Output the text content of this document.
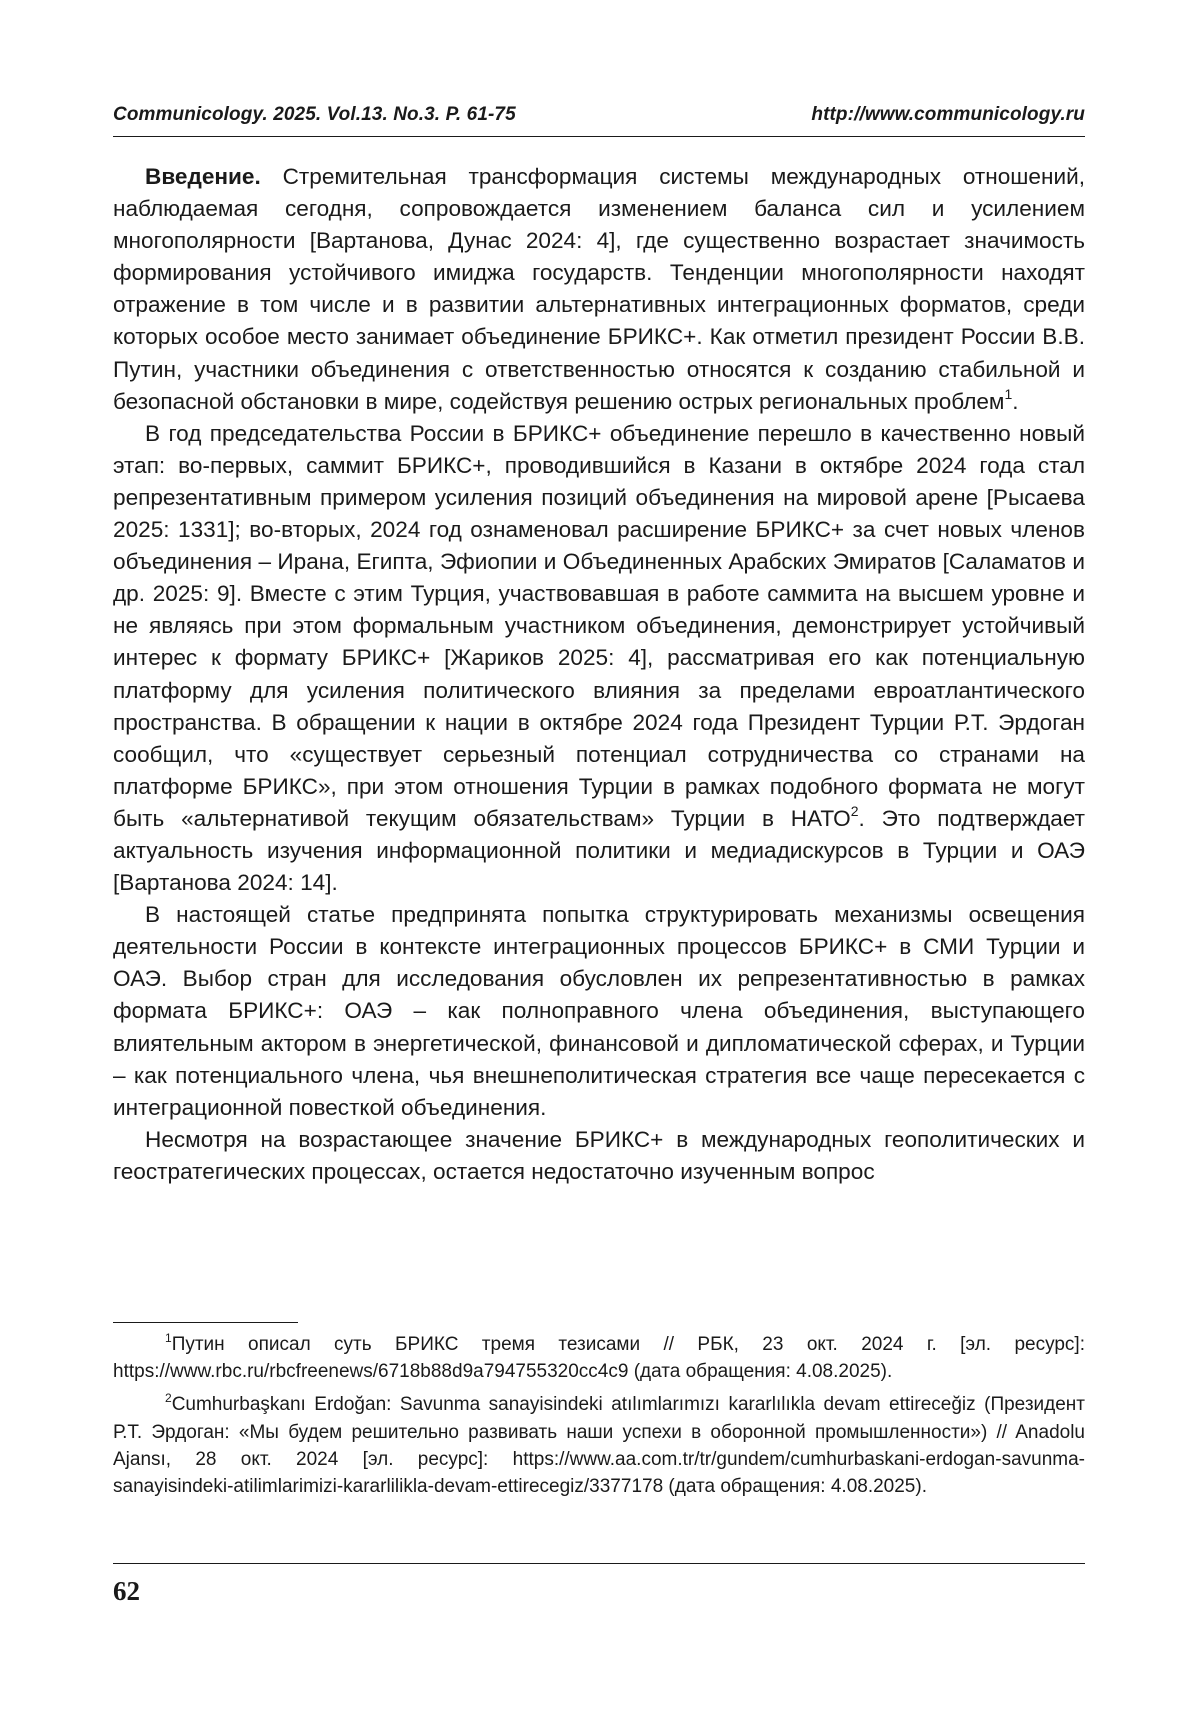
Communicology. 2025. Vol.13. No.3. P. 61-75	http://www.communicology.ru

Введение. Стремительная трансформация системы международных отношений, наблюдаемая сегодня, сопровождается изменением баланса сил и усилением многополярности [Вартанова, Дунас 2024: 4], где существенно возрастает значимость формирования устойчивого имиджа государств. Тенденции многополярности находят отражение в том числе и в развитии альтернативных интеграционных форматов, среди которых особое место занимает объединение БРИКС+. Как отметил президент России В.В. Путин, участники объединения с ответственностью относятся к созданию стабильной и безопасной обстановки в мире, содействуя решению острых региональных проблем$^1$.

В год председательства России в БРИКС+ объединение перешло в качественно новый этап: во-первых, саммит БРИКС+, проводившийся в Казани в октябре 2024 года стал репрезентативным примером усиления позиций объединения на мировой арене [Рысаева 2025: 1331]; во-вторых, 2024 год ознаменовал расширение БРИКС+ за счет новых членов объединения – Ирана, Египта, Эфиопии и Объединенных Арабских Эмиратов [Саламатов и др. 2025: 9]. Вместе с этим Турция, участвовавшая в работе саммита на высшем уровне и не являясь при этом формальным участником объединения, демонстрирует устойчивый интерес к формату БРИКС+ [Жариков 2025: 4], рассматривая его как потенциальную платформу для усиления политического влияния за пределами евроатлантического пространства. В обращении к нации в октябре 2024 года Президент Турции Р.Т. Эрдоган сообщил, что «существует серьезный потенциал сотрудничества со странами на платформе БРИКС», при этом отношения Турции в рамках подобного формата не могут быть «альтернативой текущим обязательствам» Турции в НАТО$^2$. Это подтверждает актуальность изучения информационной политики и медиадискурсов в Турции и ОАЭ [Вартанова 2024: 14].

В настоящей статье предпринята попытка структурировать механизмы освещения деятельности России в контексте интеграционных процессов БРИКС+ в СМИ Турции и ОАЭ. Выбор стран для исследования обусловлен их репрезентативностью в рамках формата БРИКС+: ОАЭ – как полноправного члена объединения, выступающего влиятельным актором в энергетической, финансовой и дипломатической сферах, и Турции – как потенциального члена, чья внешнеполитическая стратегия все чаще пересекается с интеграционной повесткой объединения.

Несмотря на возрастающее значение БРИКС+ в международных геополитических и геостратегических процессах, остается недостаточно изученным вопрос

$^1$Путин описал суть БРИКС тремя тезисами // РБК, 23 окт. 2024 г. [эл. ресурс]: https://www.rbc.ru/rbcfreenews/6718b88d9a794755320cc4c9 (дата обращения: 4.08.2025).

$^2$Cumhurbaşkanı Erdoğan: Savunma sanayisindeki atılımlarımızı kararlılıkla devam ettireceğiz (Президент Р.Т. Эрдоган: «Мы будем решительно развивать наши успехи в оборонной промышленности») // Anadolu Ajansı, 28 окт. 2024 [эл. ресурс]: https://www.aa.com.tr/tr/gundem/cumhurbaskani-erdogan-savunma-sanayisindeki-atilimlarimizi-kararlilikla-devam-ettirecegiz/3377178 (дата обращения: 4.08.2025).

62
